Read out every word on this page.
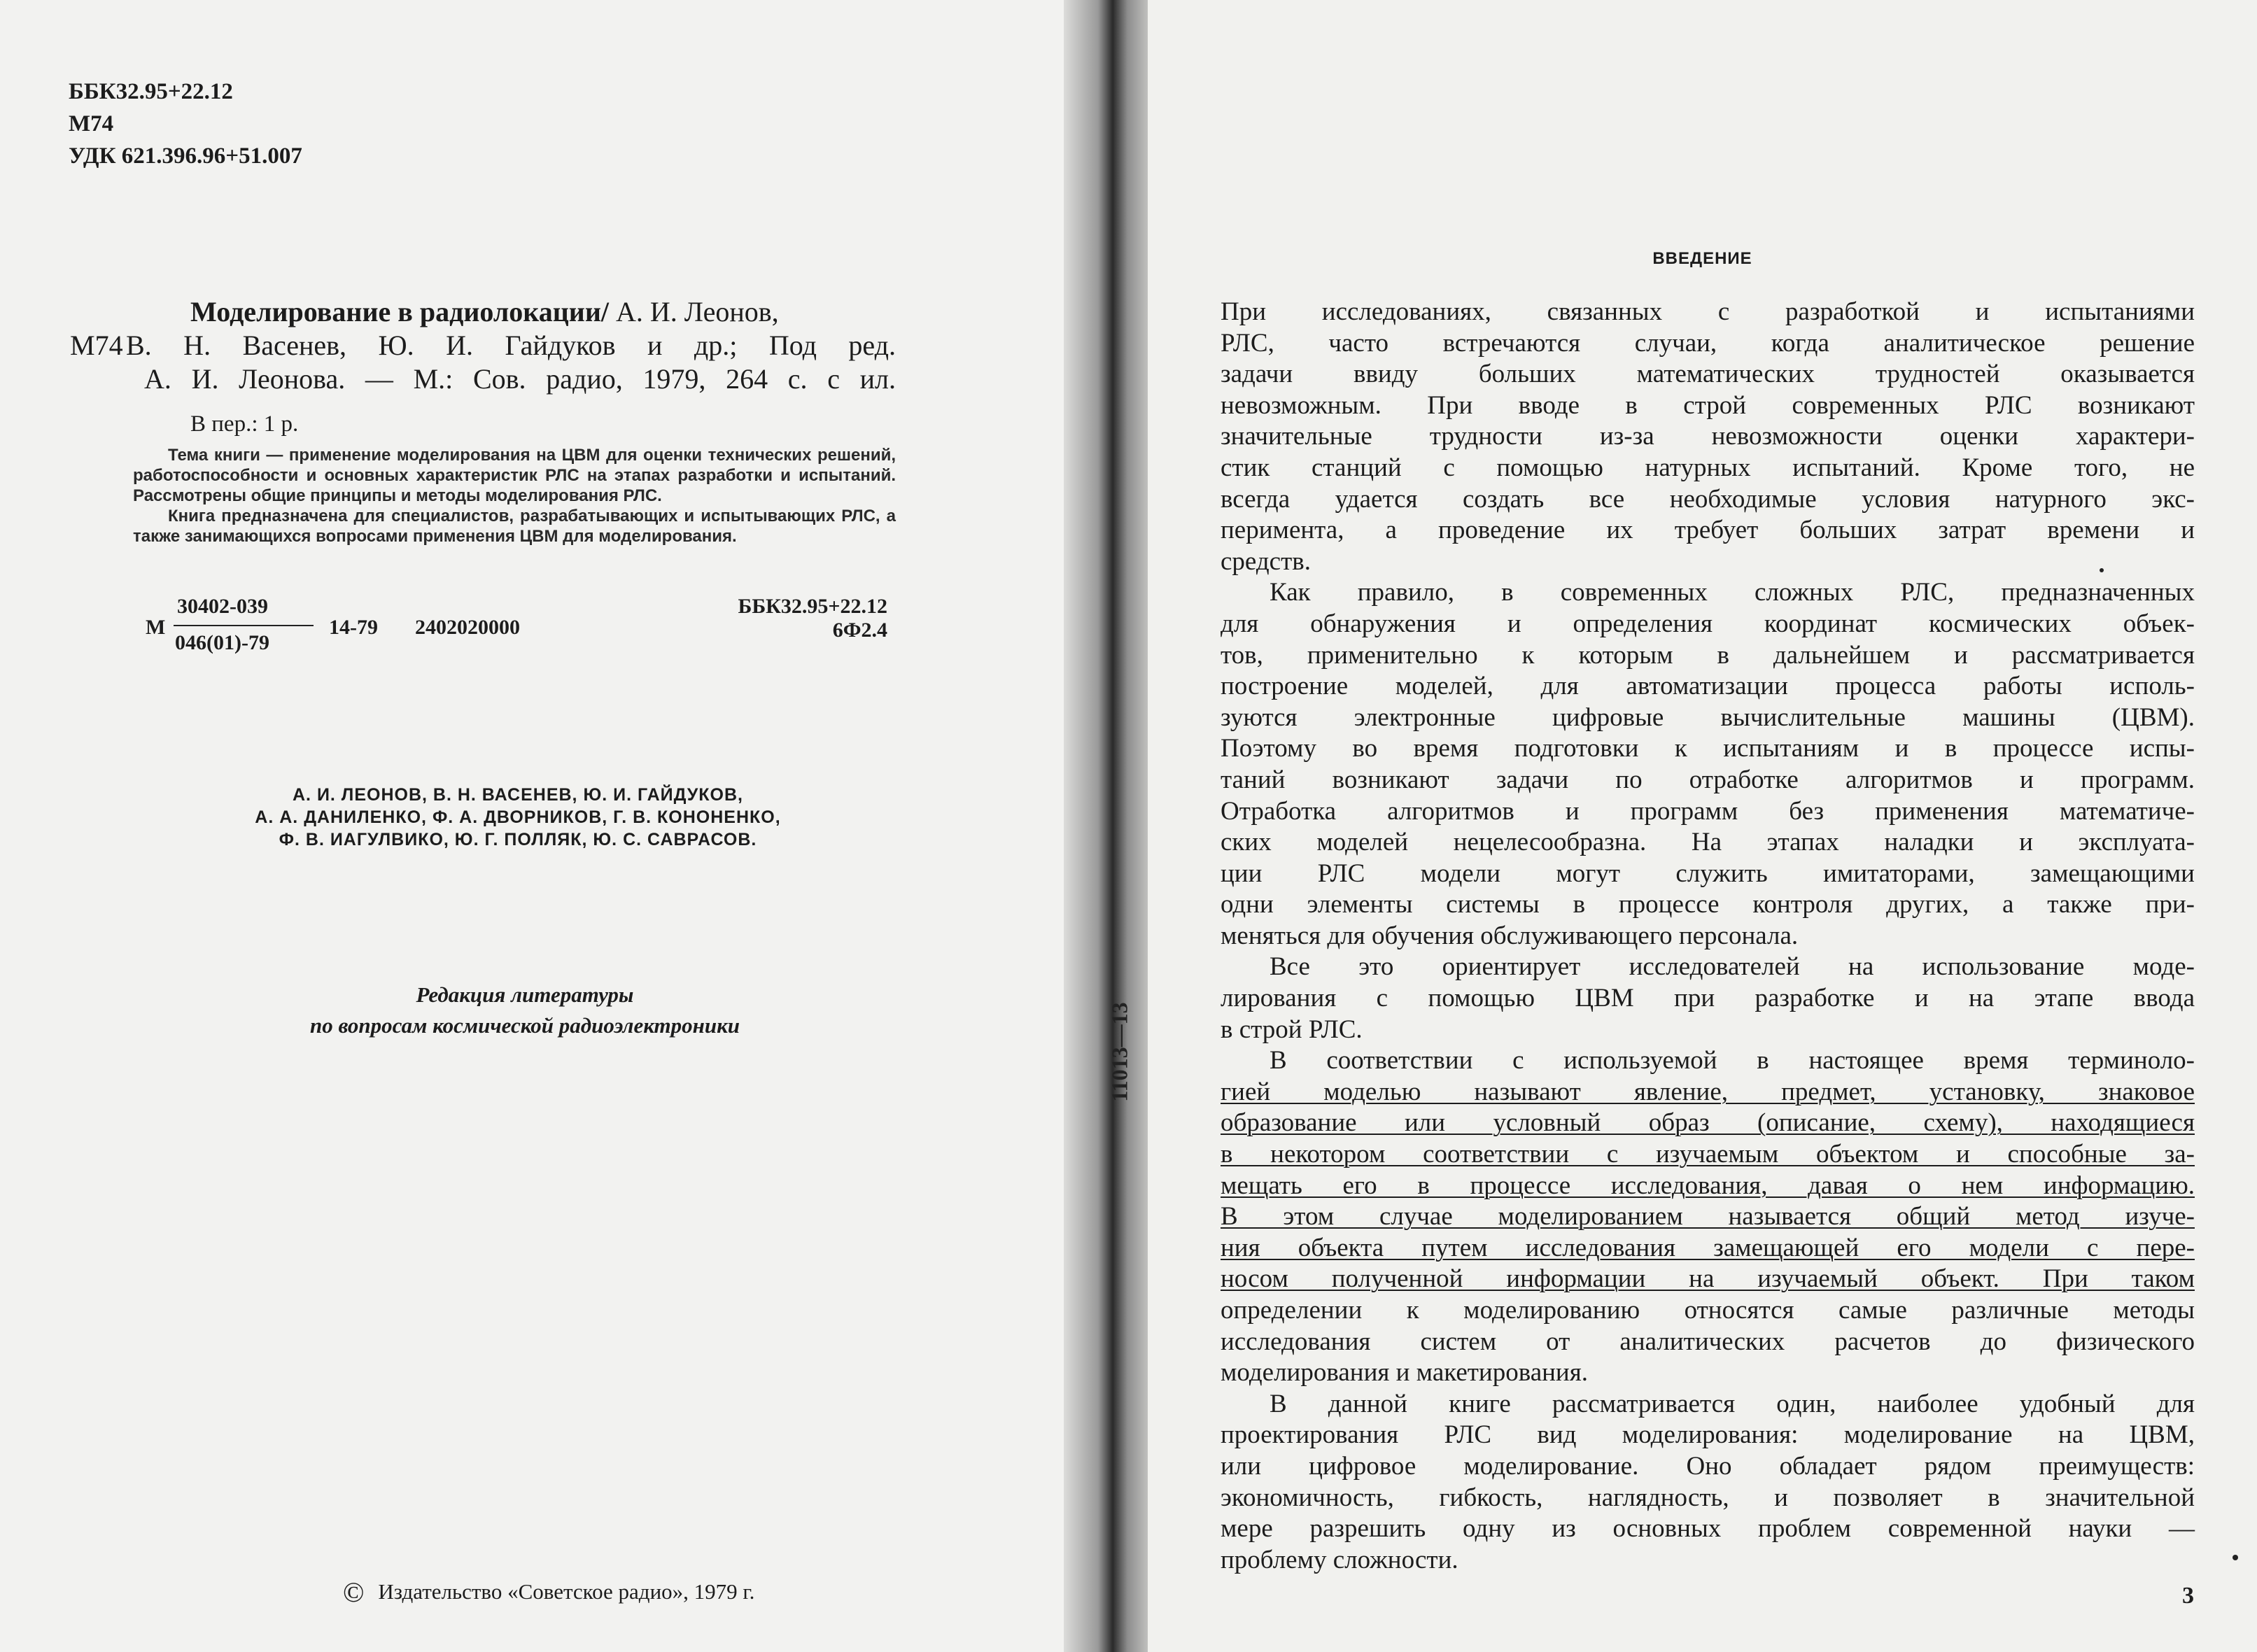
ББК32.95+22.12
М74
УДК 621.396.96+51.007
Моделирование в радиолокации/ А. И. Леонов,
М74 В. Н. Васенев, Ю. И. Гайдуков и др.; Под ред.
А. И. Леонова. — М.: Сов. радио, 1979, 264 с. с ил.
В пер.: 1 р.

Тема книги — применение моделирования на ЦВМ для оценки технических решений, работоспособности и основных характеристик РЛС на этапах разработки и испытаний. Рассмотрены общие принципы и методы моделирования РЛС.

Книга предназначена для специалистов, разрабатывающих и испытывающих РЛС, а также занимающихся вопросами применения ЦВМ для моделирования.

М
30402-039
046(01)-79
14-79 2402020000
ББК32.95+22.12
6Ф2.4
А. И. ЛЕОНОВ, В. Н. ВАСЕНЕВ, Ю. И. ГАЙДУКОВ,
А. А. ДАНИЛЕНКО, Ф. А. ДВОРНИКОВ, Г. В. КОНОНЕНКО,
Ф. В. ИАГУЛВИКО, Ю. Г. ПОЛЛЯК, Ю. С. САВРАСОВ.
Редакция литературы
по вопросам космической радиоэлектроники
© Издательство «Советское радио», 1979 г.
ВВЕДЕНИЕ
При исследованиях, связанных с разработкой и испытаниями
РЛС, часто встречаются случаи, когда аналитическое решение
задачи ввиду больших математических трудностей оказывается
невозможным. При вводе в строй современных РЛС возникают
значительные трудности из-за невозможности оценки характери-
стик станций с помощью натурных испытаний. Кроме того, не
всегда удается создать все необходимые условия натурного экс-
перимента, а проведение их требует больших затрат времени и
средств.
Как правило, в современных сложных РЛС, предназначенных
для обнаружения и определения координат космических объек-
тов, применительно к которым в дальнейшем и рассматривается
построение моделей, для автоматизации процесса работы исполь-
зуются электронные цифровые вычислительные машины (ЦВМ).
Поэтому во время подготовки к испытаниям и в процессе испы-
таний возникают задачи по отработке алгоритмов и программ.
Отработка алгоритмов и программ без применения математиче-
ских моделей нецелесообразна. На этапах наладки и эксплуата-
ции РЛС модели могут служить имитаторами, замещающими
одни элементы системы в процессе контроля других, а также при-
меняться для обучения обслуживающего персонала.
Все это ориентирует исследователей на использование моде-
лирования с помощью ЦВМ при разработке и на этапе ввода
в строй РЛС.
В соответствии с используемой в настоящее время терминоло-
гией моделью называют явление, предмет, установку, знаковое
образование или условный образ (описание, схему), находящиеся
в некотором соответствии с изучаемым объектом и способные за-
мещать его в процессе исследования, давая о нем информацию.
В этом случае моделированием называется общий метод изуче-
ния объекта путем исследования замещающей его модели с пере-
носом полученной информации на изучаемый объект. При таком
определении к моделированию относятся самые различные методы
исследования систем от аналитических расчетов до физического
моделирования и макетирования.
В данной книге рассматривается один, наиболее удобный для
проектирования РЛС вид моделирования: моделирование на ЦВМ,
или цифровое моделирование. Оно обладает рядом преимуществ:
экономичность, гибкость, наглядность, и позволяет в значительной
мере разрешить одну из основных проблем современной науки —
проблему сложности.
3
11013—13
